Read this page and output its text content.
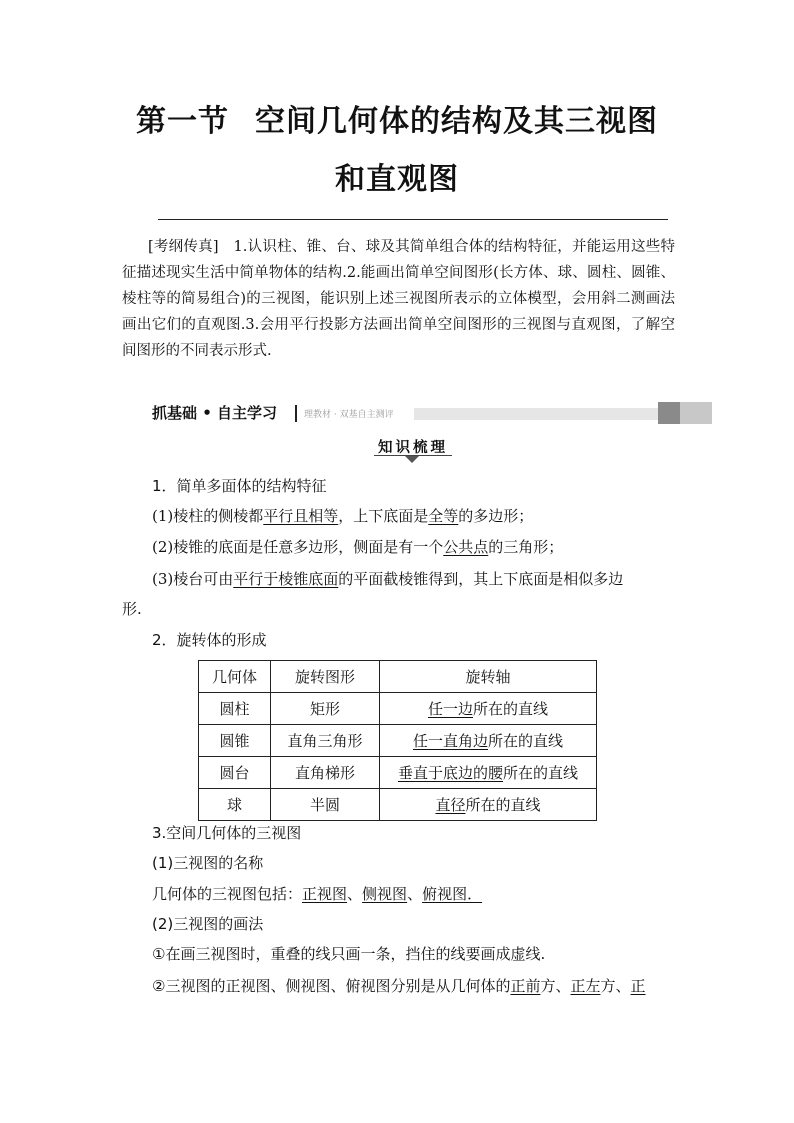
第一节 空间几何体的结构及其三视图
和直观图
[考纲传真]　 1.认识柱、锥、台、球及其简单组合体的结构特征，并能运用这些特征描述现实生活中简单物体的结构.2.能画出简单空间图形(长方体、球、圆柱、圆锥、棱柱等的简易组合)的三视图，能识别上述三视图所表示的立体模型，会用斜二测画法画出它们的直观图.3.会用平行投影方法画出简单空间图形的三视图与直观图，了解空间图形的不同表示形式.
抓基础 • 自主学习	理教材 · 双基自主测评
知识梳理
1．简单多面体的结构特征
(1)棱柱的侧棱都平行且相等，上下底面是全等的多边形；
(2)棱锥的底面是任意多边形，侧面是有一个公共点的三角形；
(3)棱台可由平行于棱锥底面的平面截棱锥得到，其上下底面是相似多边
形.
2．旋转体的形成
几何体	旋转图形	旋转轴
圆柱	矩形	任一边所在的直线
圆锥	直角三角形	任一直角边所在的直线
圆台	直角梯形	垂直于底边的腰所在的直线
球	半圆	直径所在的直线
3.空间几何体的三视图
(1)三视图的名称
几何体的三视图包括：正视图、侧视图、俯视图．
(2)三视图的画法
①在画三视图时，重叠的线只画一条，挡住的线要画成虚线.
②三视图的正视图、侧视图、俯视图分别是从几何体的正前方、正左方、正
